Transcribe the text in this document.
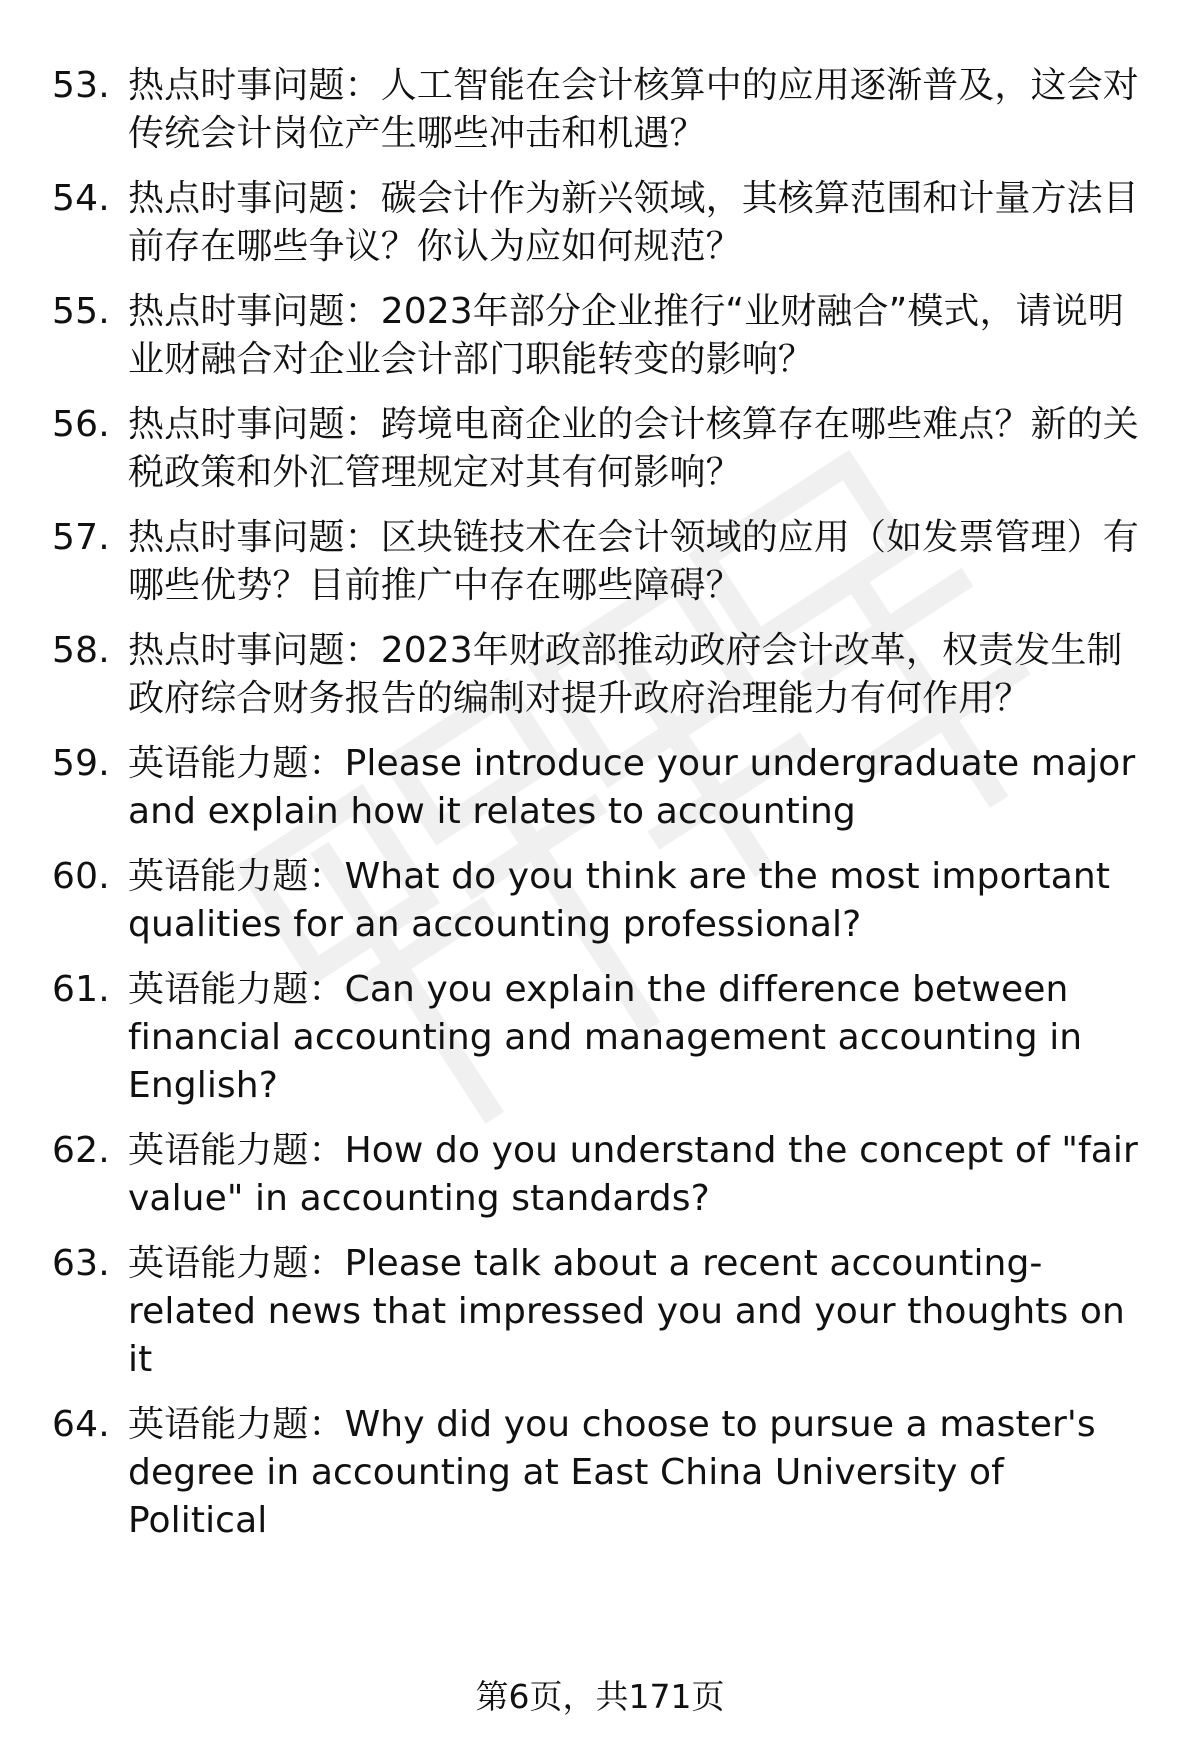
53. 热点时事问题：人工智能在会计核算中的应用逐渐普及，这会对传统会计岗位产生哪些冲击和机遇？
54. 热点时事问题：碳会计作为新兴领域，其核算范围和计量方法目前存在哪些争议？你认为应如何规范？
55. 热点时事问题：2023年部分企业推行“业财融合”模式，请说明业财融合对企业会计部门职能转变的影响？
56. 热点时事问题：跨境电商企业的会计核算存在哪些难点？新的关税政策和外汇管理规定对其有何影响？
57. 热点时事问题：区块链技术在会计领域的应用（如发票管理）有哪些优势？目前推广中存在哪些障碍？
58. 热点时事问题：2023年财政部推动政府会计改革，权责发生制政府综合财务报告的编制对提升政府治理能力有何作用？
59. 英语能力题：Please introduce your undergraduate major and explain how it relates to accounting
60. 英语能力题：What do you think are the most important qualities for an accounting professional?
61. 英语能力题：Can you explain the difference between financial accounting and management accounting in English?
62. 英语能力题：How do you understand the concept of "fair value" in accounting standards?
63. 英语能力题：Please talk about a recent accounting-related news that impressed you and your thoughts on it
64. 英语能力题：Why did you choose to pursue a master's degree in accounting at East China University of Political
第6页，共171页
